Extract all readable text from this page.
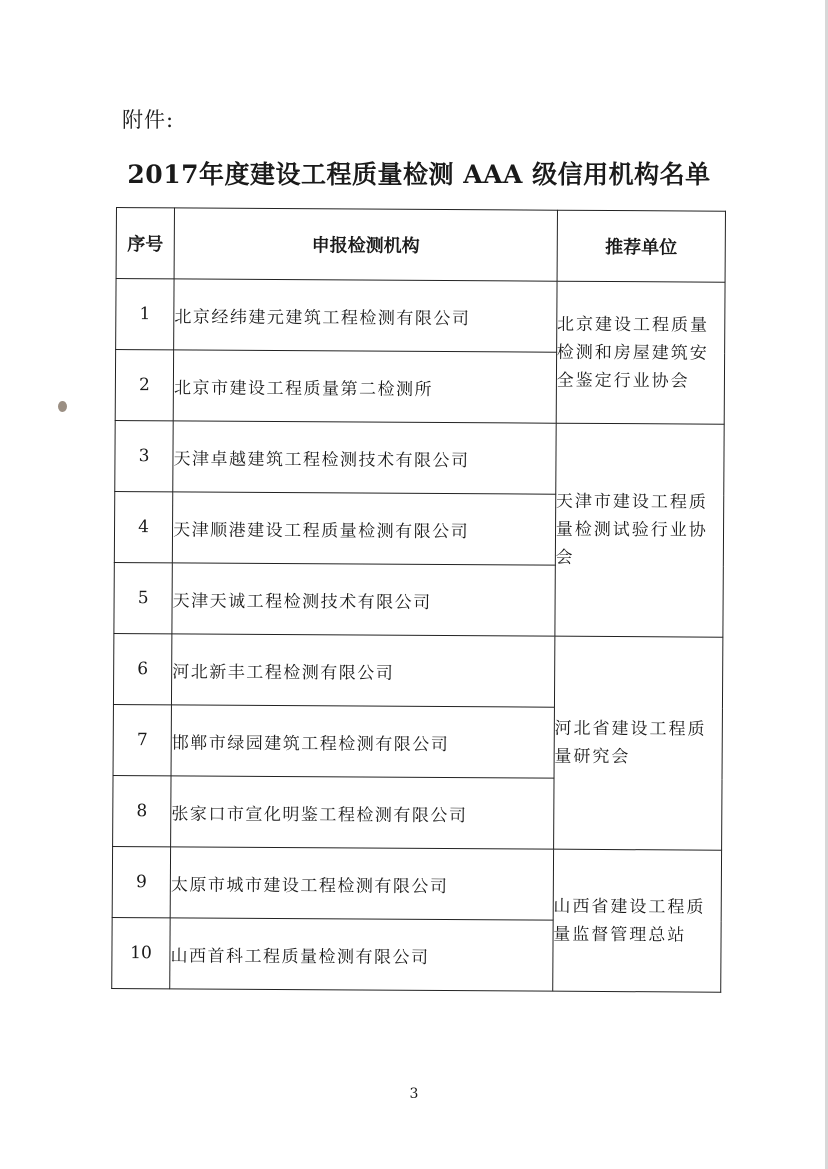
附件:
2017年度建设工程质量检测 AAA 级信用机构名单
序号	申报检测机构	推荐单位
1	北京经纬建元建筑工程检测有限公司	北京建设工程质量检测和房屋建筑安全鉴定行业协会
2	北京市建设工程质量第二检测所	
3	天津卓越建筑工程检测技术有限公司	天津市建设工程质量检测试验行业协会
4	天津顺港建设工程质量检测有限公司	
5	天津天诚工程检测技术有限公司	
6	河北新丰工程检测有限公司	河北省建设工程质量研究会
7	邯郸市绿园建筑工程检测有限公司	
8	张家口市宣化明鉴工程检测有限公司	
9	太原市城市建设工程检测有限公司	山西省建设工程质量监督管理总站
10	山西首科工程质量检测有限公司	
3
